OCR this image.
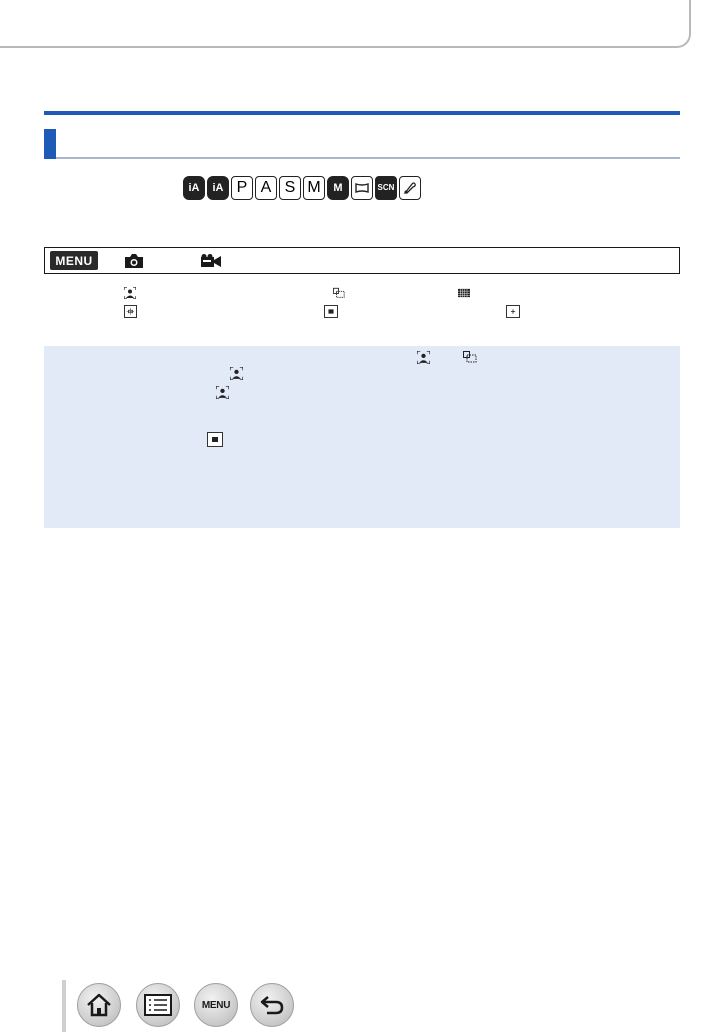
iA iA P A S M	M	SCN
MENU
MENU
